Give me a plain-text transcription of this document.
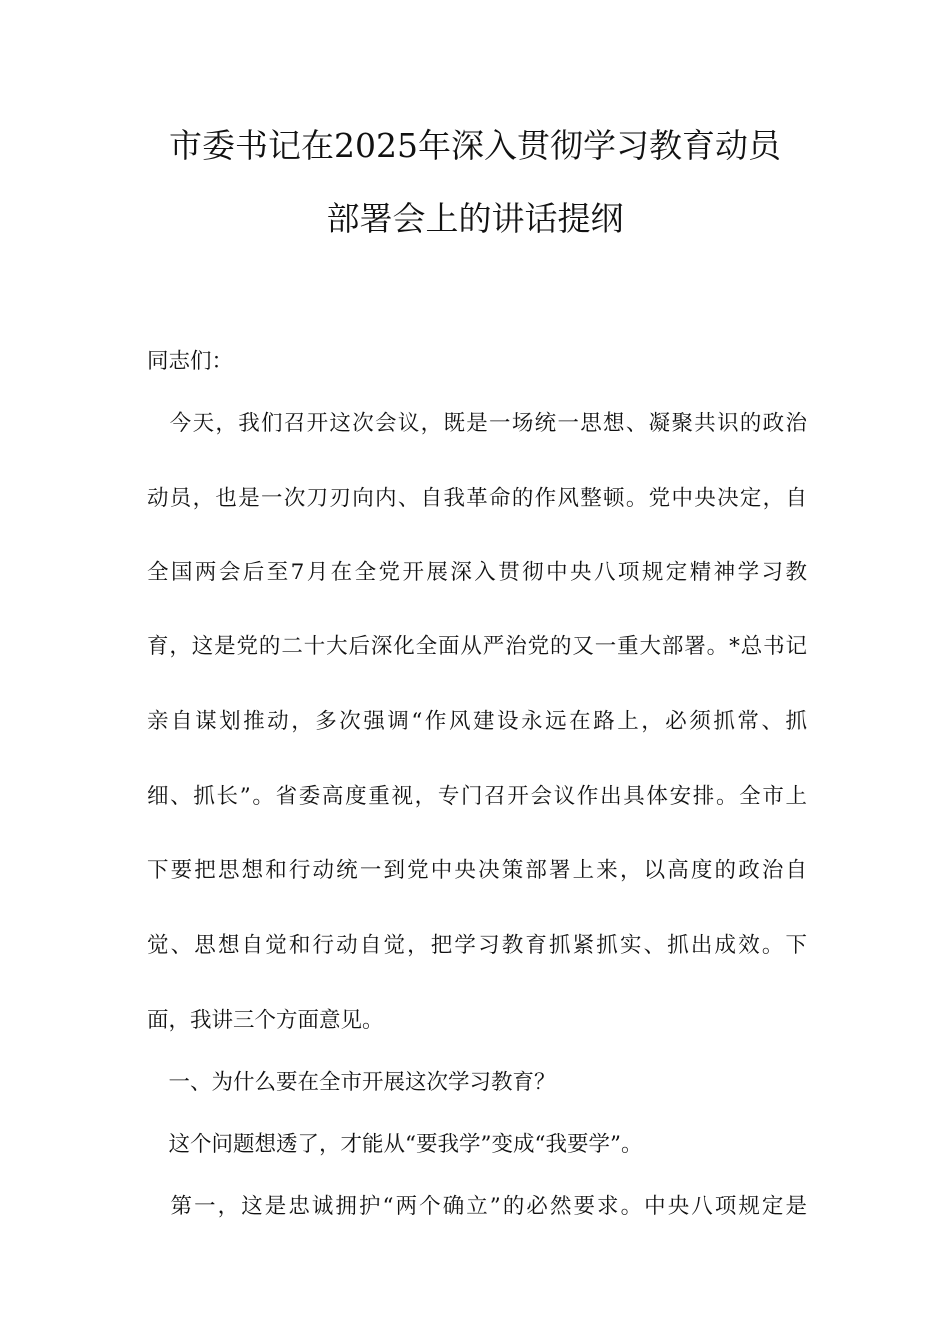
市委书记在2025年深入贯彻学习教育动员
部署会上的讲话提纲
同志们：
　今天，我们召开这次会议，既是一场统一思想、凝聚共识的政治
动员，也是一次刀刃向内、自我革命的作风整顿。党中央决定，自
全国两会后至7月在全党开展深入贯彻中央八项规定精神学习教
育，这是党的二十大后深化全面从严治党的又一重大部署。*总书记
亲自谋划推动，多次强调“作风建设永远在路上，必须抓常、抓
细、抓长”。省委高度重视，专门召开会议作出具体安排。全市上
下要把思想和行动统一到党中央决策部署上来，以高度的政治自
觉、思想自觉和行动自觉，把学习教育抓紧抓实、抓出成效。下
面，我讲三个方面意见。
　一、为什么要在全市开展这次学习教育？
　这个问题想透了，才能从“要我学”变成“我要学”。
　第一，这是忠诚拥护“两个确立”的必然要求。中央八项规定是
